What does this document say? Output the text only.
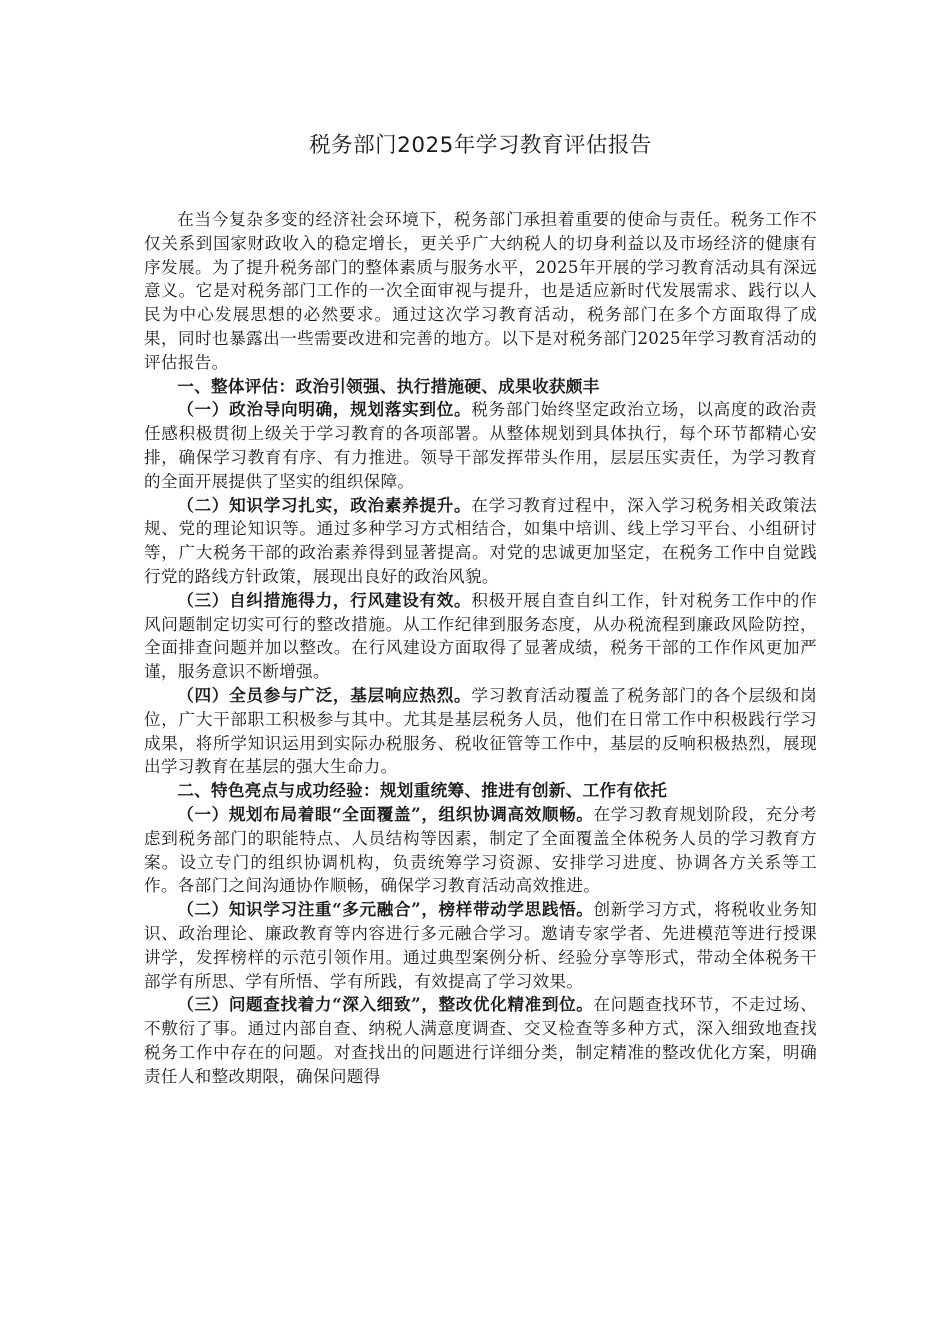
税务部门2025年学习教育评估报告

在当今复杂多变的经济社会环境下，税务部门承担着重要的使命与责任。税务工作不仅关系到国家财政收入的稳定增长，更关乎广大纳税人的切身利益以及市场经济的健康有序发展。为了提升税务部门的整体素质与服务水平，2025年开展的学习教育活动具有深远意义。它是对税务部门工作的一次全面审视与提升，也是适应新时代发展需求、践行以人民为中心发展思想的必然要求。通过这次学习教育活动，税务部门在多个方面取得了成果，同时也暴露出一些需要改进和完善的地方。以下是对税务部门2025年学习教育活动的评估报告。

一、整体评估：政治引领强、执行措施硬、成果收获颇丰

（一）政治导向明确，规划落实到位。税务部门始终坚定政治立场，以高度的政治责任感积极贯彻上级关于学习教育的各项部署。从整体规划到具体执行，每个环节都精心安排，确保学习教育有序、有力推进。领导干部发挥带头作用，层层压实责任，为学习教育的全面开展提供了坚实的组织保障。

（二）知识学习扎实，政治素养提升。在学习教育过程中，深入学习税务相关政策法规、党的理论知识等。通过多种学习方式相结合，如集中培训、线上学习平台、小组研讨等，广大税务干部的政治素养得到显著提高。对党的忠诚更加坚定，在税务工作中自觉践行党的路线方针政策，展现出良好的政治风貌。

（三）自纠措施得力，行风建设有效。积极开展自查自纠工作，针对税务工作中的作风问题制定切实可行的整改措施。从工作纪律到服务态度，从办税流程到廉政风险防控，全面排查问题并加以整改。在行风建设方面取得了显著成绩，税务干部的工作作风更加严谨，服务意识不断增强。

（四）全员参与广泛，基层响应热烈。学习教育活动覆盖了税务部门的各个层级和岗位，广大干部职工积极参与其中。尤其是基层税务人员，他们在日常工作中积极践行学习成果，将所学知识运用到实际办税服务、税收征管等工作中，基层的反响积极热烈，展现出学习教育在基层的强大生命力。

二、特色亮点与成功经验：规划重统筹、推进有创新、工作有依托

（一）规划布局着眼“全面覆盖”，组织协调高效顺畅。在学习教育规划阶段，充分考虑到税务部门的职能特点、人员结构等因素，制定了全面覆盖全体税务人员的学习教育方案。设立专门的组织协调机构，负责统筹学习资源、安排学习进度、协调各方关系等工作。各部门之间沟通协作顺畅，确保学习教育活动高效推进。

（二）知识学习注重“多元融合”，榜样带动学思践悟。创新学习方式，将税收业务知识、政治理论、廉政教育等内容进行多元融合学习。邀请专家学者、先进模范等进行授课讲学，发挥榜样的示范引领作用。通过典型案例分析、经验分享等形式，带动全体税务干部学有所思、学有所悟、学有所践，有效提高了学习效果。

（三）问题查找着力“深入细致”，整改优化精准到位。在问题查找环节，不走过场、不敷衍了事。通过内部自查、纳税人满意度调查、交叉检查等多种方式，深入细致地查找税务工作中存在的问题。对查找出的问题进行详细分类，制定精准的整改优化方案，明确责任人和整改期限，确保问题得
